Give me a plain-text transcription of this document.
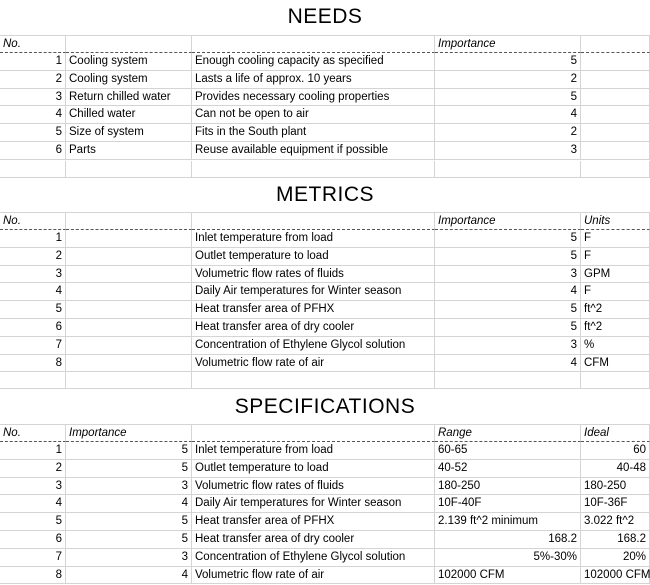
NEEDS
No.	Importance
1 Cooling system	Enough cooling capacity as specified	5
2 Cooling system	Lasts a life of approx. 10 years	2
3 Return chilled water	Provides necessary cooling properties	5
4 Chilled water	Can not be open to air	4
5 Size of system	Fits in the South plant	2
6 Parts	Reuse available equipment if possible	3
METRICS
No.	Importance	Units
1	Inlet temperature from load	5 F
2	Outlet temperature to load	5 F
3	Volumetric flow rates of fluids	3 GPM
4	Daily Air temperatures for Winter season	4 F
5	Heat transfer area of PFHX	5 ft^2
6	Heat transfer area of dry cooler	5 ft^2
7	Concentration of Ethylene Glycol solution	3 %
8	Volumetric flow rate of air	4 CFM
SPECIFICATIONS
No.	Importance	Range	Ideal
1	5 Inlet temperature from load	60-65	60
2	5 Outlet temperature to load	40-52	40-48
3	3 Volumetric flow rates of fluids	180-250	180-250
4	4 Daily Air temperatures for Winter season	10F-40F	10F-36F
5	5 Heat transfer area of PFHX	2.139 ft^2 minimum	3.022 ft^2
6	5 Heat transfer area of dry cooler	168.2	168.2
7	3 Concentration of Ethylene Glycol solution	5%-30%	20%
8	4 Volumetric flow rate of air	102000 CFM	102000 CFM
